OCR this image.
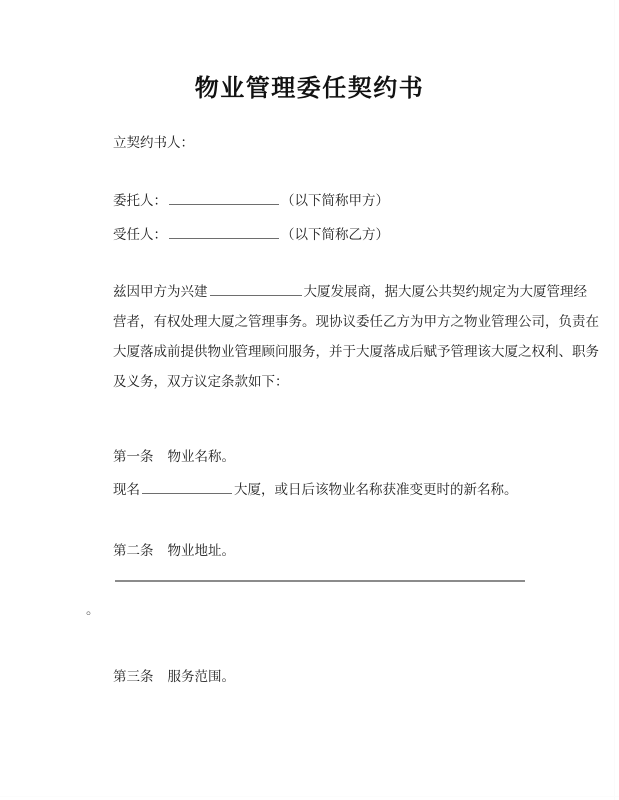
物业管理委任契约书
立契约书人：
委托人：	（以下简称甲方）
受任人：	（以下简称乙方）
兹因甲方为兴建	大厦发展商，据大厦公共契约规定为大厦管理经
营者，有权处理大厦之管理事务。现协议委任乙方为甲方之物业管理公司，负责在
大厦落成前提供物业管理顾问服务，并于大厦落成后赋予管理该大厦之权利、职务
及义务，双方议定条款如下：
第一条 物业名称。
现名	大厦，或日后该物业名称获准变更时的新名称。
第二条 物业地址。
。
第三条 服务范围。
